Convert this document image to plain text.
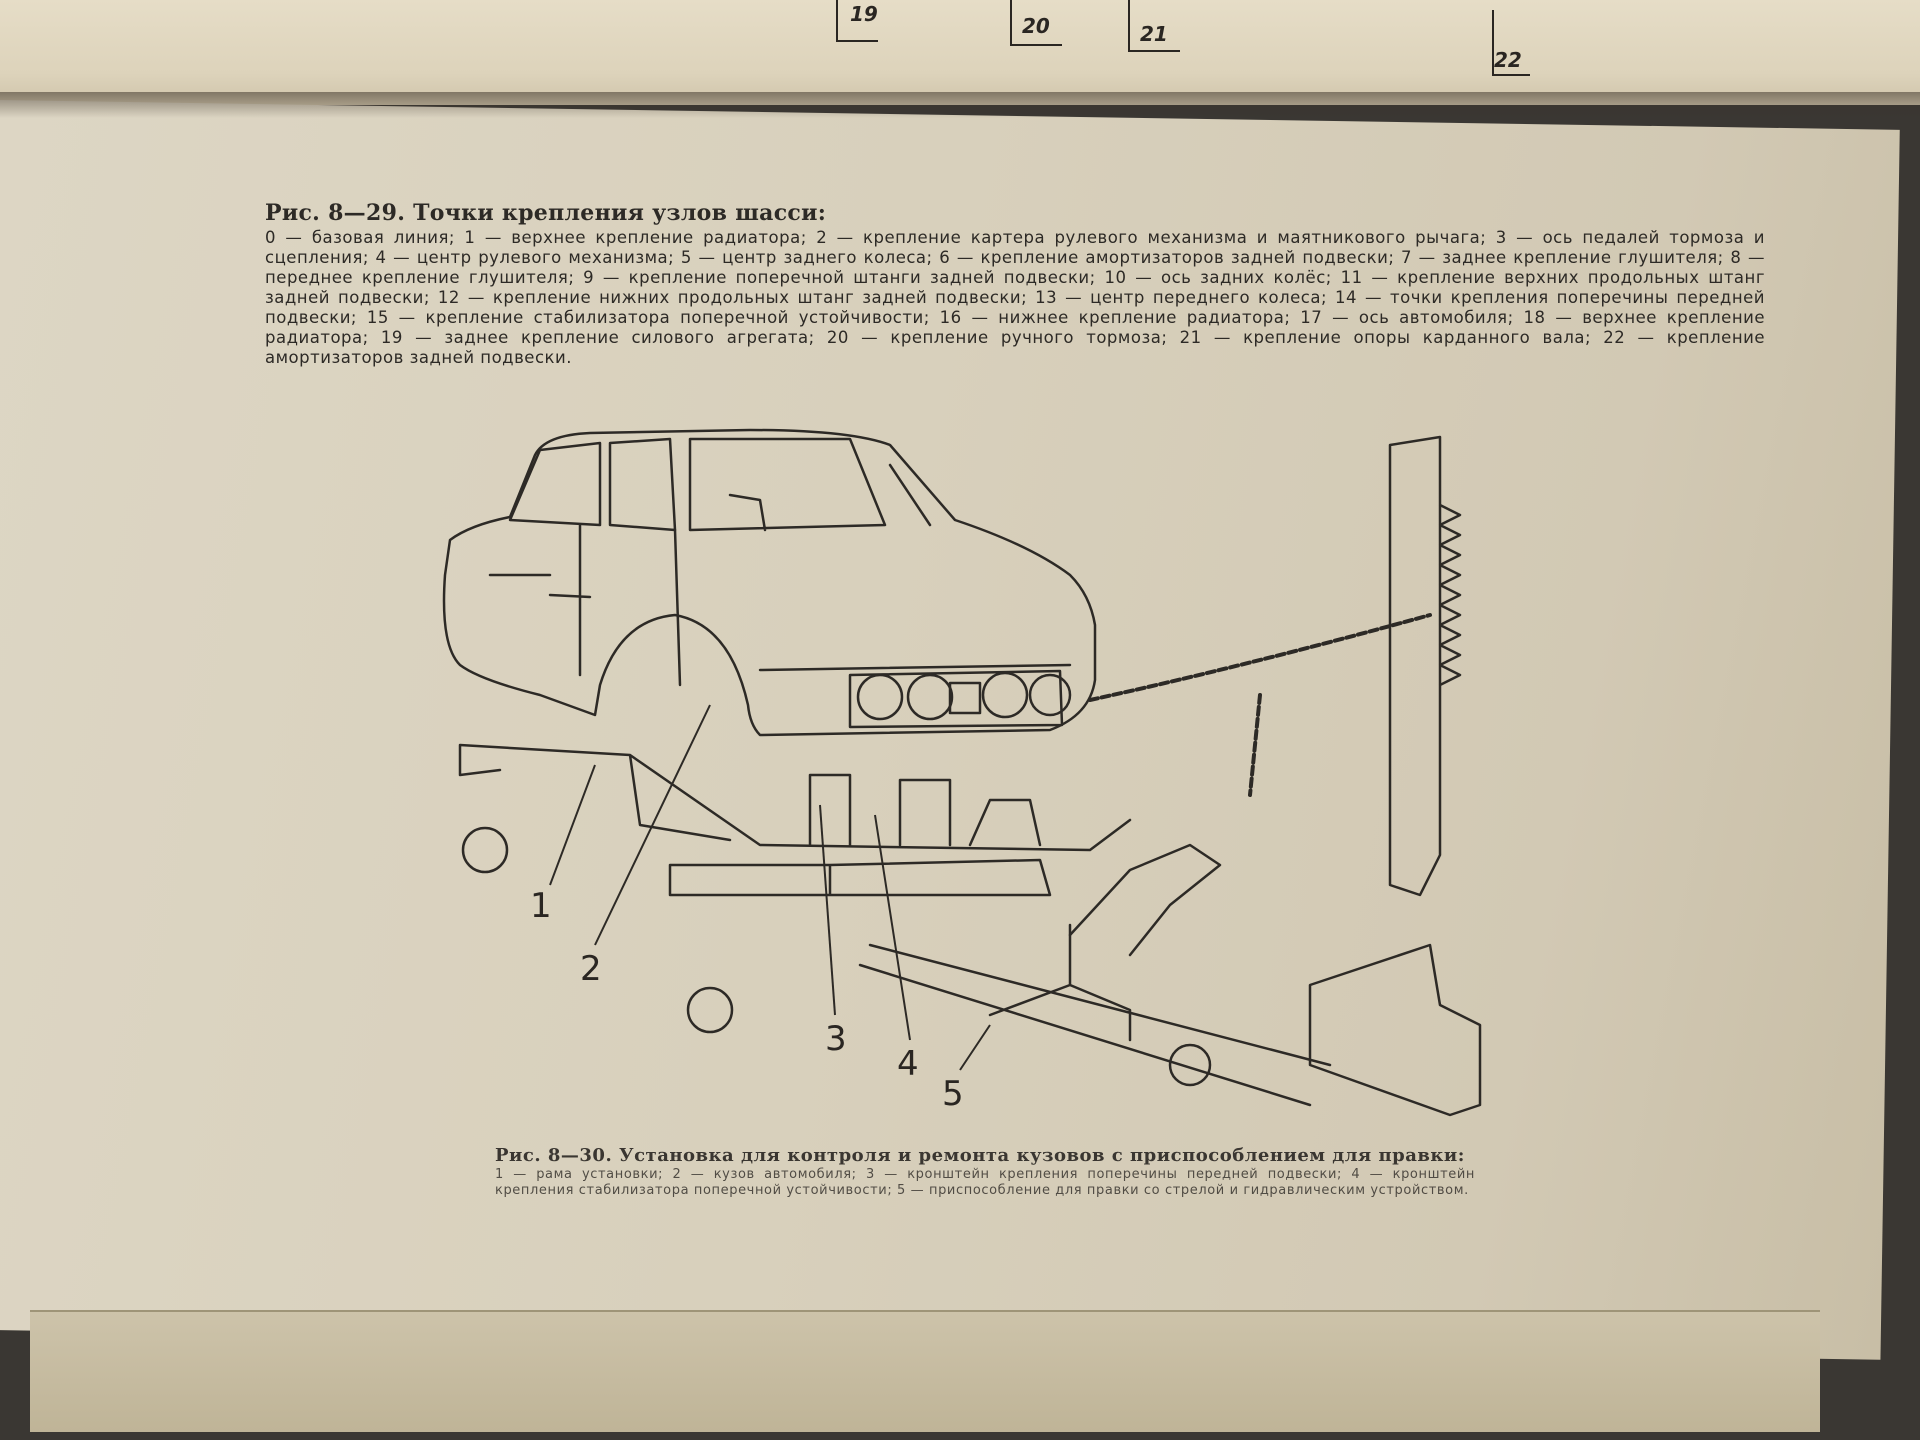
19	20	21
22
Рис. 8—29. Точки крепления узлов шасси:
0 — базовая линия; 1 — верхнее крепление радиатора; 2 — крепление картера рулевого механизма и маятникового рычага; 3 — ось педалей тормоза и сцепления; 4 — центр рулевого механизма; 5 — центр заднего колеса; 6 — крепление амортизаторов задней подвески; 7 — заднее крепление глушителя; 8 — переднее крепление глушителя; 9 — крепление поперечной штанги задней подвески; 10 — ось задних колёс; 11 — крепление верхних продольных штанг задней подвески; 12 — крепление нижних продольных штанг задней подвески; 13 — центр переднего колеса; 14 — точки крепления поперечины передней подвески; 15 — крепление стабилизатора поперечной устойчивости; 16 — нижнее крепление радиатора; 17 — ось автомобиля; 18 — верхнее крепление радиатора; 19 — заднее крепление силового агрегата; 20 — крепление ручного тормоза; 21 — крепление опоры карданного вала; 22 — крепление амортизаторов задней подвески.
1
2
3
4
5
Рис. 8—30. Установка для контроля и ремонта кузовов с приспособлением для правки:
1 — рама установки; 2 — кузов автомобиля; 3 — кронштейн крепления поперечины передней подвески; 4 — кронштейн крепления стабилизатора поперечной устойчивости; 5 — приспособление для правки со стрелой и гидравлическим устройством.
